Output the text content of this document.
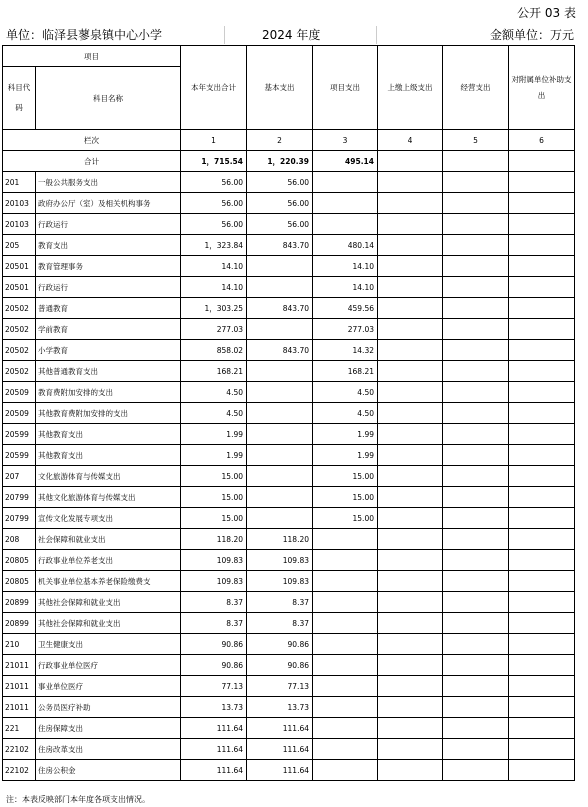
公开 03 表
单位：临泽县蓼泉镇中心小学	2024 年度	金额单位：万元
项目		本年支出合计	基本支出	项目支出	上缴上级支出	经营支出	对附属单位补助支出
科目代码	科目名称						
栏次		1	2	3	4	5	6
合计		1，715.54	1，220.39	495.14			
201	一般公共服务支出	56.00	56.00				
20103	政府办公厅（室）及相关机构事务	56.00	56.00				
20103	行政运行	56.00	56.00				
205	教育支出	1，323.84	843.70	480.14			
20501	教育管理事务	14.10		14.10			
20501	行政运行	14.10		14.10			
20502	普通教育	1，303.25	843.70	459.56			
20502	学前教育	277.03		277.03			
20502	小学教育	858.02	843.70	14.32			
20502	其他普通教育支出	168.21		168.21			
20509	教育费附加安排的支出	4.50		4.50			
20509	其他教育费附加安排的支出	4.50		4.50			
20599	其他教育支出	1.99		1.99			
20599	其他教育支出	1.99		1.99			
207	文化旅游体育与传媒支出	15.00		15.00			
20799	其他文化旅游体育与传媒支出	15.00		15.00			
20799	宣传文化发展专项支出	15.00		15.00			
208	社会保障和就业支出	118.20	118.20				
20805	行政事业单位养老支出	109.83	109.83				
20805	机关事业单位基本养老保险缴费支	109.83	109.83				
20899	其他社会保障和就业支出	8.37	8.37				
20899	其他社会保障和就业支出	8.37	8.37				
210	卫生健康支出	90.86	90.86				
21011	行政事业单位医疗	90.86	90.86				
21011	事业单位医疗	77.13	77.13				
21011	公务员医疗补助	13.73	13.73				
221	住房保障支出	111.64	111.64				
22102	住房改革支出	111.64	111.64				
22102	住房公积金	111.64	111.64				
注：本表反映部门本年度各项支出情况。
